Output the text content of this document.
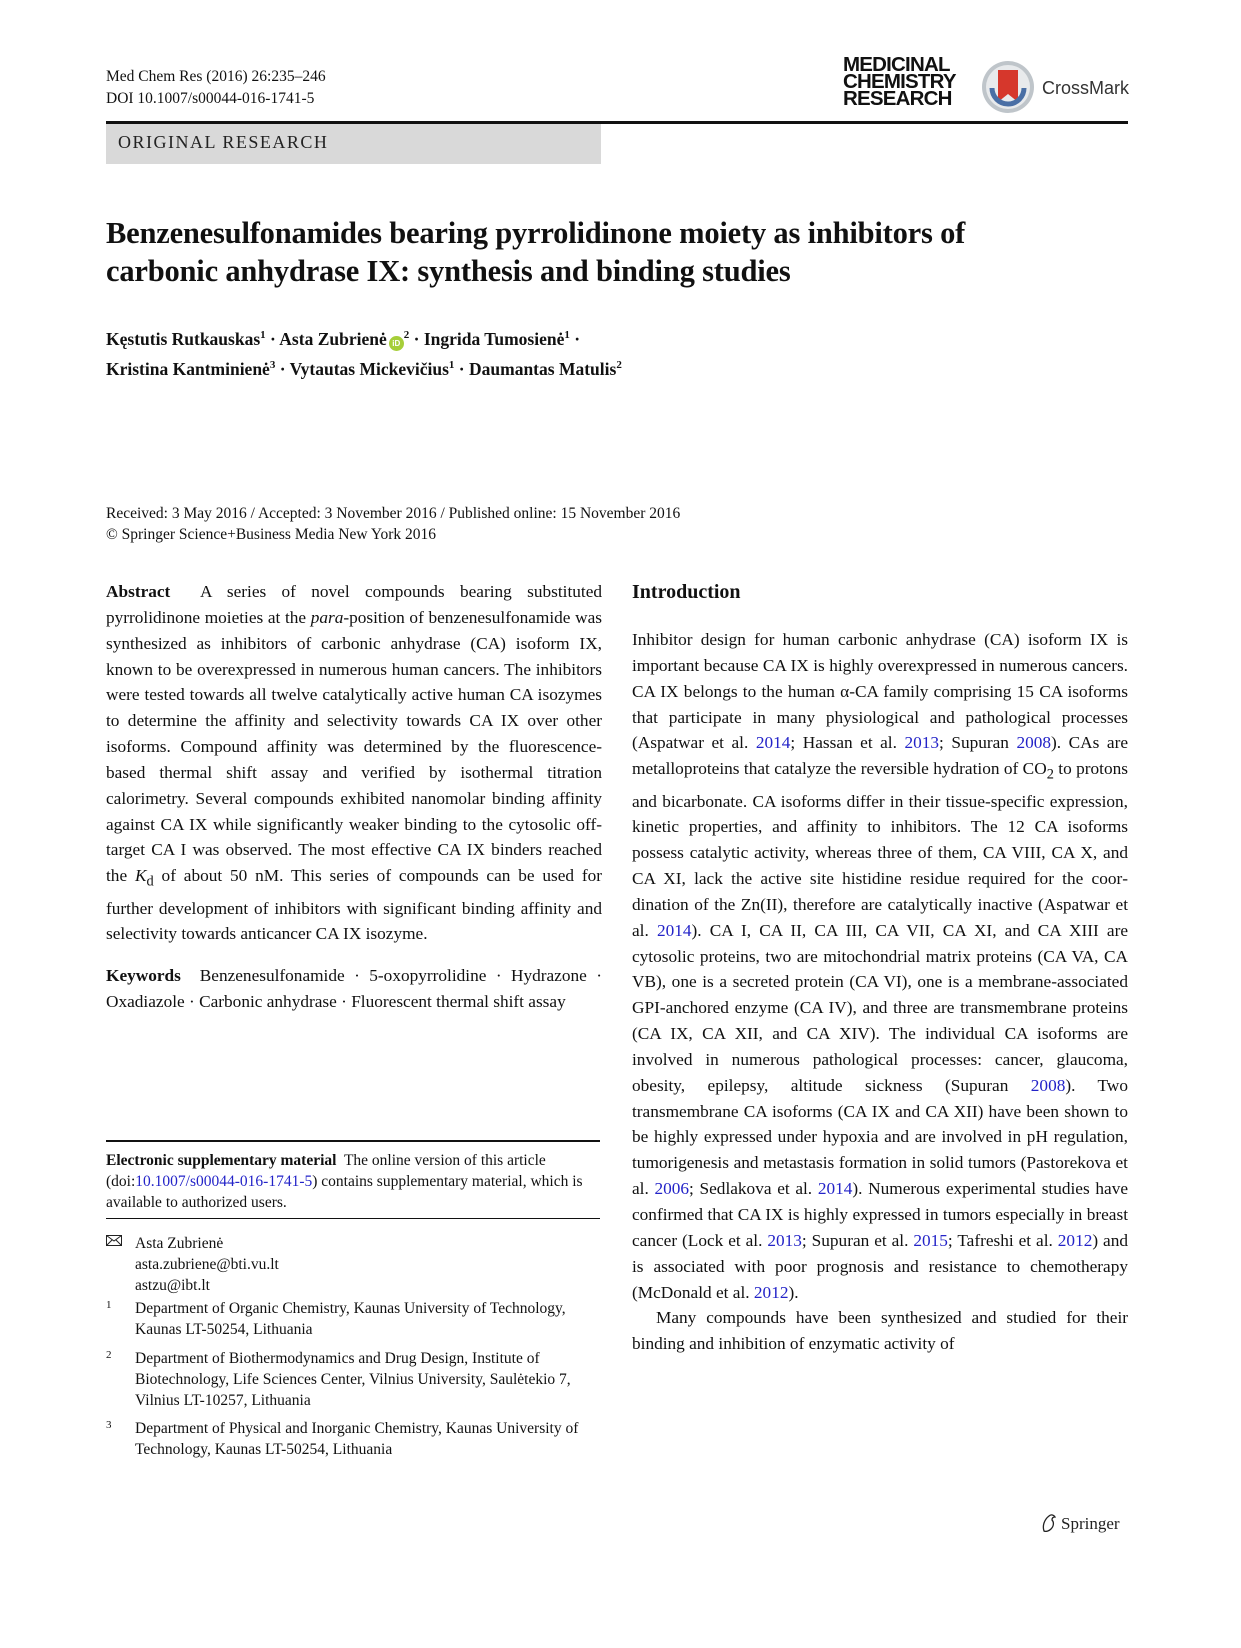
Med Chem Res (2016) 26:235–246
DOI 10.1007/s00044-016-1741-5
ORIGINAL RESEARCH
MEDICINAL
CHEMISTRY
RESEARCH	CrossMark
Benzenesulfonamides bearing pyrrolidinone moiety as inhibitors of
carbonic anhydrase IX: synthesis and binding studies
Kęstutis Rutkauskas$^1$ · Asta Zubrienė $iD^2$ · Ingrida Tumosienė$^1$ ·
Kristina Kantminienė$^3$ · Vytautas Mickevičius$^1$ · Daumantas Matulis$^2$
Received: 3 May 2016 / Accepted: 3 November 2016 / Published online: 15 November 2016
© Springer Science+Business Media New York 2016

Abstract A series of novel compounds bearing substituted pyrrolidinone moieties at the para-position of benzenesulfonamide was synthesized as inhibitors of carbonic anhydrase (CA) isoform IX, known to be overexpressed in numerous human cancers. The inhibitors were tested towards all twelve catalytically active human CA isozymes to determine the affinity and selectivity towards CA IX over other isoforms. Compound affinity was determined by the fluorescence-based thermal shift assay and verified by isothermal titration calorimetry. Several compounds exhibited nanomolar binding affinity against CA IX while significantly weaker binding to the cytosolic off-target CA I was observed. The most effective CA IX binders reached the $K_d$ of about 50 nM. This series of compounds can be used for further development of inhibitors with significant binding affinity and selectivity towards anticancer CA IX isozyme.

Keywords Benzenesulfonamide · 5-oxopyrrolidine · Hydrazone · Oxadiazole · Carbonic anhydrase · Fluorescent thermal shift assay

Electronic supplementary material The online version of this article (doi:10.1007/s00044-016-1741-5) contains supplementary material, which is available to authorized users.
Asta Zubrienė
asta.zubriene@bti.vu.lt
astzu@ibt.lt
1 Department of Organic Chemistry, Kaunas University of Technology, Kaunas LT-50254, Lithuania
2 Department of Biothermodynamics and Drug Design, Institute of Biotechnology, Life Sciences Center, Vilnius University, Saulėtekio 7, Vilnius LT-10257, Lithuania
3 Department of Physical and Inorganic Chemistry, Kaunas University of Technology, Kaunas LT-50254, Lithuania

Introduction

Inhibitor design for human carbonic anhydrase (CA) isoform IX is important because CA IX is highly overexpressed in numerous cancers. CA IX belongs to the human α-CA family comprising 15 CA isoforms that participate in many physiological and pathological processes (Aspatwar et al. 2014; Hassan et al. 2013; Supuran 2008). CAs are metalloproteins that catalyze the reversible hydration of $CO_2$ to protons and bicarbonate. CA isoforms differ in their tissue-specific expression, kinetic properties, and affinity to inhibitors. The 12 CA isoforms possess catalytic activity, whereas three of them, CA VIII, CA X, and CA XI, lack the active site histidine residue required for the coordination of the Zn(II), therefore are catalytically inactive (Aspatwar et al. 2014). CA I, CA II, CA III, CA VII, CA XI, and CA XIII are cytosolic proteins, two are mitochondrial matrix proteins (CA VA, CA VB), one is a secreted protein (CA VI), one is a membrane-associated GPI-anchored enzyme (CA IV), and three are transmembrane proteins (CA IX, CA XII, and CA XIV). The individual CA isoforms are involved in numerous pathological processes: cancer, glaucoma, obesity, epilepsy, altitude sickness (Supuran 2008). Two transmembrane CA isoforms (CA IX and CA XII) have been shown to be highly expressed under hypoxia and are involved in pH regulation, tumorigenesis and metastasis formation in solid tumors (Pastorekova et al. 2006; Sedlakova et al. 2014). Numerous experimental studies have confirmed that CA IX is highly expressed in tumors especially in breast cancer (Lock et al. 2013; Supuran et al. 2015; Tafreshi et al. 2012) and is associated with poor prognosis and resistance to chemotherapy (McDonald et al. 2012).

Many compounds have been synthesized and studied for their binding and inhibition of enzymatic activity of

Springer
